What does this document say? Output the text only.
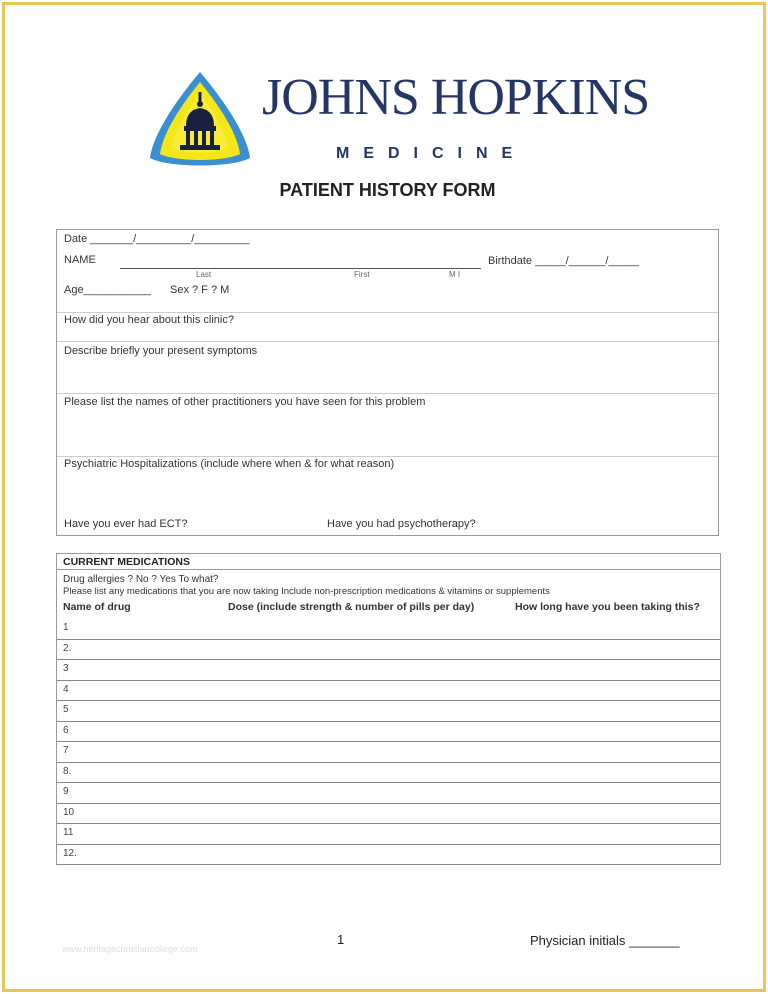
JOHNS HOPKINS
MEDICINE
PATIENT HISTORY FORM
Date _______/_________/_________
NAME	Birthdate _____/______/_____
Last	First	M I
Age___________ Sex ? F ? M
How did you hear about this clinic?
Describe briefly your present symptoms
Please list the names of other practitioners you have seen for this problem
Psychiatric Hospitalizations (include where when & for what reason)
Have you ever had ECT?	Have you had psychotherapy?
CURRENT MEDICATIONS
Drug allergies ? No ? Yes To what?
Please list any medications that you are now taking Include non-prescription medications & vitamins or supplements
Name of drug	Dose (include strength & number of pills per day)	How long have you been taking this?
1
2.
3
4
5
6
7
8.
9
10
11
12.
1	Physician initials _______
www.heritagechristiancollege.com
